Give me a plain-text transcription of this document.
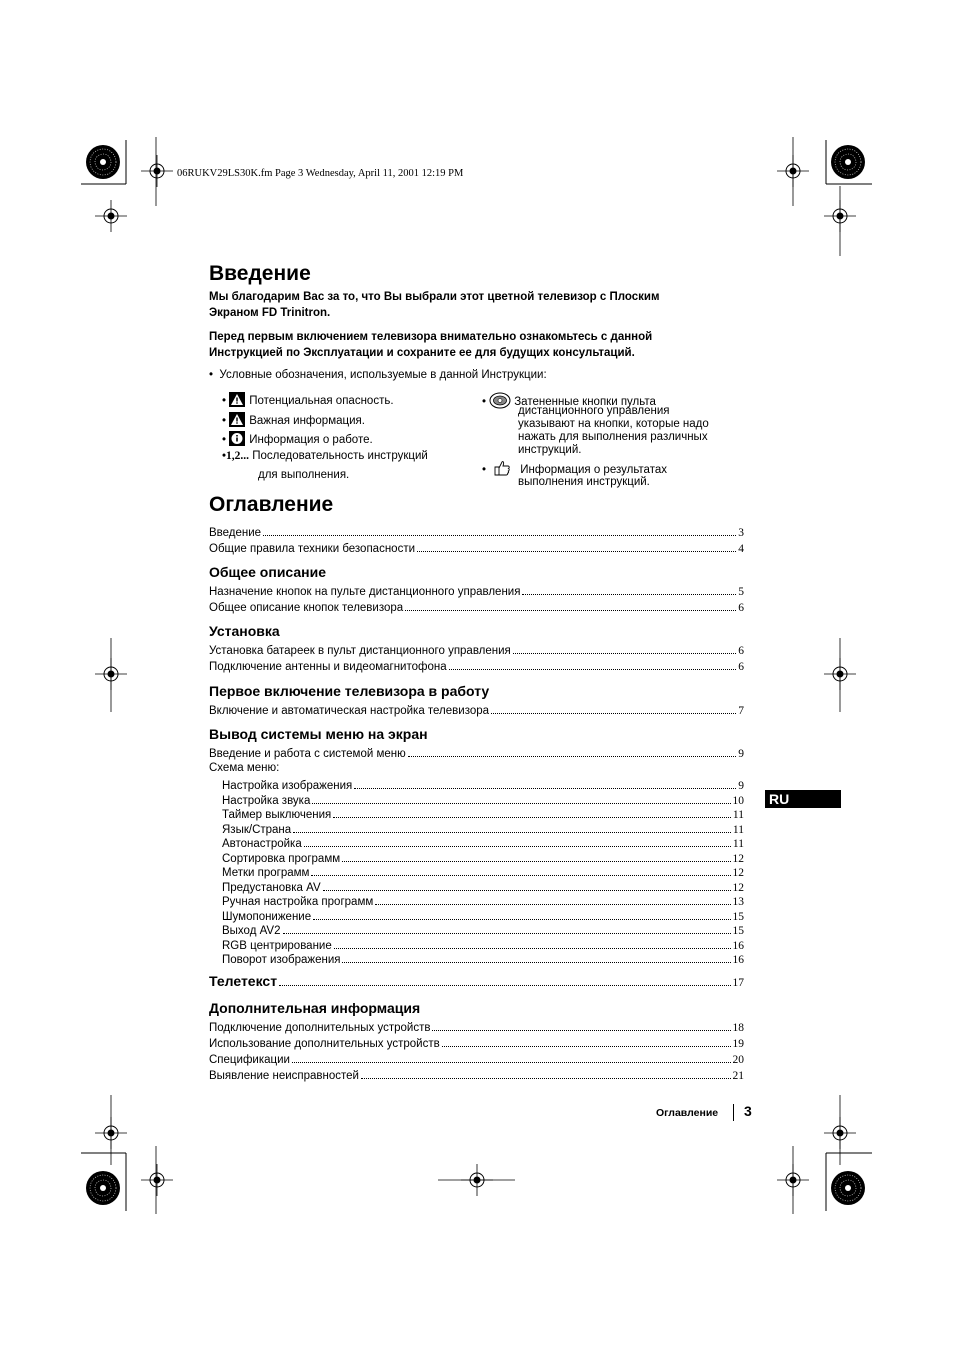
06RUKV29LS30K.fm Page 3 Wednesday, April 11, 2001 12:19 PM
Введение
Мы благодарим Вас за то, что Вы выбрали этот цветной телевизор с Плоским
Экраном FD Trinitron.
Перед первым включением телевизора внимательно ознакомьтесь с данной
Инструкцией по Эксплуатации и сохраните ее для будущих консультаций.
• Условные обозначения, используемые в данной Инструкции:
• Потенциальная опасность.
• Важная информация.
• Информация о работе.
•1,2... Последовательность инструкций
для выполнения.
• Затененные кнопки пульта
дистанционного управления
указывают на кнопки, которые надо
нажать для выполнения различных
инструкций.
•	Информация о результатах
выполнения инструкций.
Оглавление
Введение	3
Общие правила техники безопасности	4
Общее описание
Назначение кнопок на пульте дистанционного управления	5
Общее описание кнопок телевизора	6
Установка
Установка батареек в пульт дистанционного управления	6
Подключение антенны и видеомагнитофона	6
Первое включение телевизора в работу
Включение и автоматическая настройка телевизора	7
Вывод системы меню на экран
Введение и работа с системой меню	9
Схема меню:
Настройка изображения	9
Настройка звука	10
Таймер выключения	11
Язык/Страна	11
Автонастройка	11
Сортировка программ	12
Метки программ	12
Предустановка AV	12
Ручная настройка программ	13
Шумопонижение	15
Выход AV2	15
RGB центрирование	16
Поворот изображения	16
Телетекст	17
Дополнительная информация
Подключение дополнительных устройств	18
Использование дополнительных устройств	19
Спецификации	20
Выявление неисправностей	21
RU
Оглавление 3
